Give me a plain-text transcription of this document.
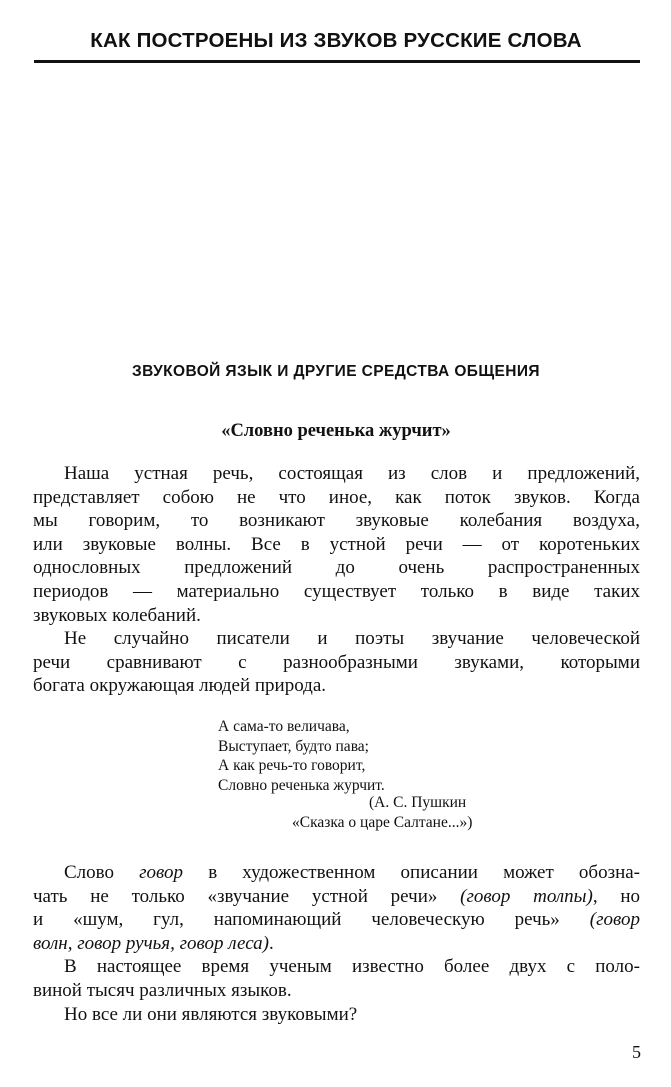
КАК ПОСТРОЕНЫ ИЗ ЗВУКОВ РУССКИЕ СЛОВА
ЗВУКОВОЙ ЯЗЫК И ДРУГИЕ СРЕДСТВА ОБЩЕНИЯ
«Словно реченька журчит»

Наша устная речь, состоящая из слов и предложений,
представляет собою не что иное, как поток звуков. Когда
мы говорим, то возникают звуковые колебания воздуха,
или звуковые волны. Все в устной речи — от коротеньких
однословных предложений до очень распространенных
периодов — материально существует только в виде таких
звуковых колебаний.

Не случайно писатели и поэты звучание человеческой
речи сравнивают с разнообразными звуками, которыми
богата окружающая людей природа.

А сама-то величава,
Выступает, будто пава;
А как речь-то говорит,
Словно реченька журчит.
(А. С. Пушкин
«Сказка о царе Салтане...»)

Слово говор в художественном описании может обозна-
чать не только «звучание устной речи» (говор толпы), но
и «шум, гул, напоминающий человеческую речь» (говор
волн, говор ручья, говор леса).

В настоящее время ученым известно более двух с поло-
виной тысяч различных языков.

Но все ли они являются звуковыми?

5
